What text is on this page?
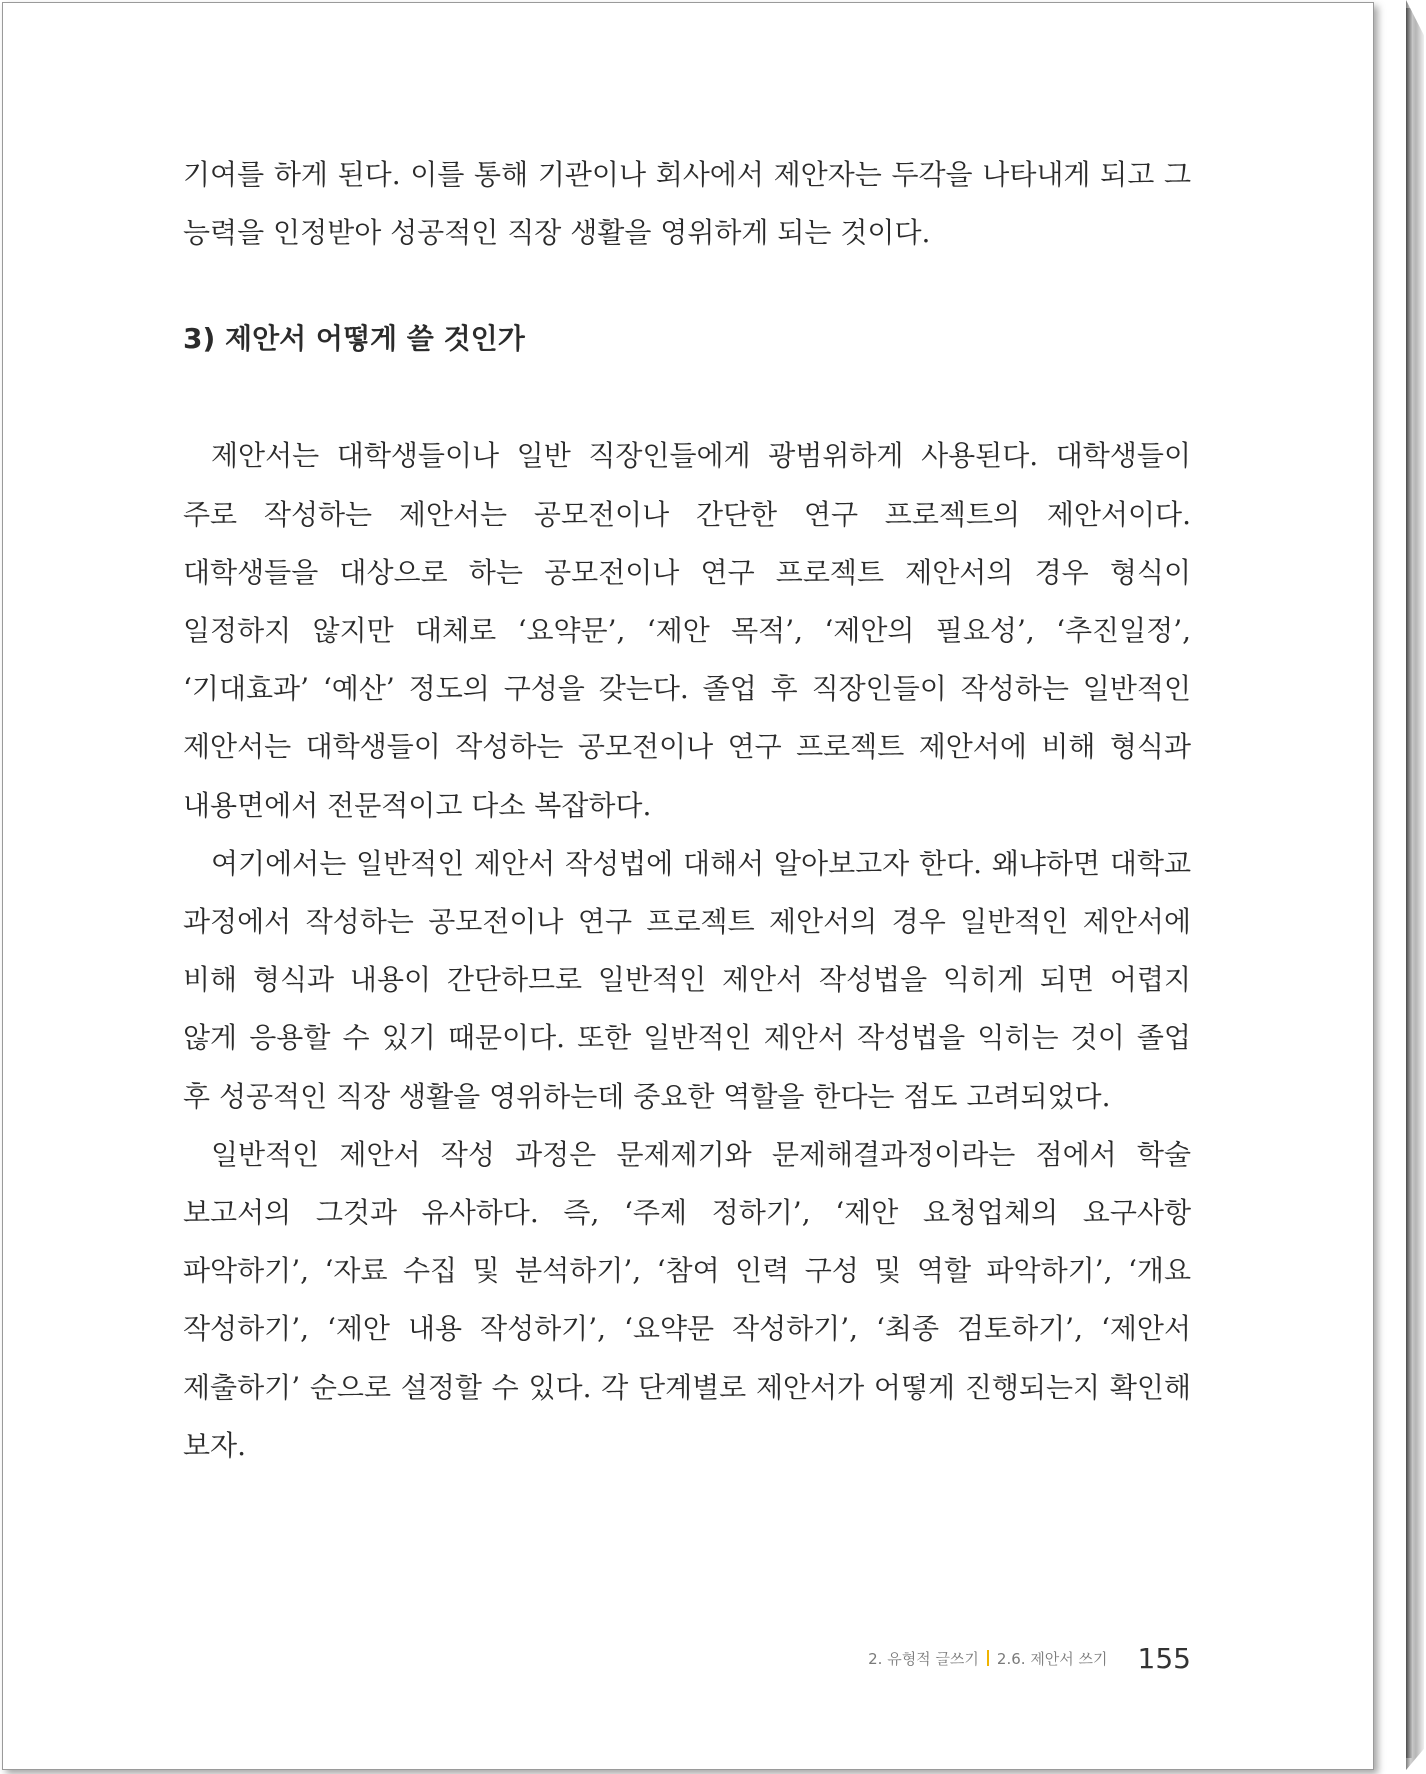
기여를 하게 된다. 이를 통해 기관이나 회사에서 제안자는 두각을 나타내게 되고 그 능력을 인정받아 성공적인 직장 생활을 영위하게 되는 것이다.

3) 제안서 어떻게 쓸 것인가

제안서는 대학생들이나 일반 직장인들에게 광범위하게 사용된다. 대학생들이 주로 작성하는 제안서는 공모전이나 간단한 연구 프로젝트의 제안서이다. 대학생들을 대상으로 하는 공모전이나 연구 프로젝트 제안서의 경우 형식이 일정하지 않지만 대체로 ‘요약문’, ‘제안 목적’, ‘제안의 필요성’, ‘추진일정’, ‘기대효과’ ‘예산’ 정도의 구성을 갖는다. 졸업 후 직장인들이 작성하는 일반적인 제안서는 대학생들이 작성하는 공모전이나 연구 프로젝트 제안서에 비해 형식과 내용면에서 전문적이고 다소 복잡하다.

여기에서는 일반적인 제안서 작성법에 대해서 알아보고자 한다. 왜냐하면 대학교 과정에서 작성하는 공모전이나 연구 프로젝트 제안서의 경우 일반적인 제안서에 비해 형식과 내용이 간단하므로 일반적인 제안서 작성법을 익히게 되면 어렵지 않게 응용할 수 있기 때문이다. 또한 일반적인 제안서 작성법을 익히는 것이 졸업 후 성공적인 직장 생활을 영위하는데 중요한 역할을 한다는 점도 고려되었다.

일반적인 제안서 작성 과정은 문제제기와 문제해결과정이라는 점에서 학술 보고서의 그것과 유사하다. 즉, ‘주제 정하기’, ‘제안 요청업체의 요구사항 파악하기’, ‘자료 수집 및 분석하기’, ‘참여 인력 구성 및 역할 파악하기’, ‘개요 작성하기’, ‘제안 내용 작성하기’, ‘요약문 작성하기’, ‘최종 검토하기’, ‘제안서 제출하기’ 순으로 설정할 수 있다. 각 단계별로 제안서가 어떻게 진행되는지 확인해 보자.

2. 유형적 글쓰기 2.6. 제안서 쓰기 155
